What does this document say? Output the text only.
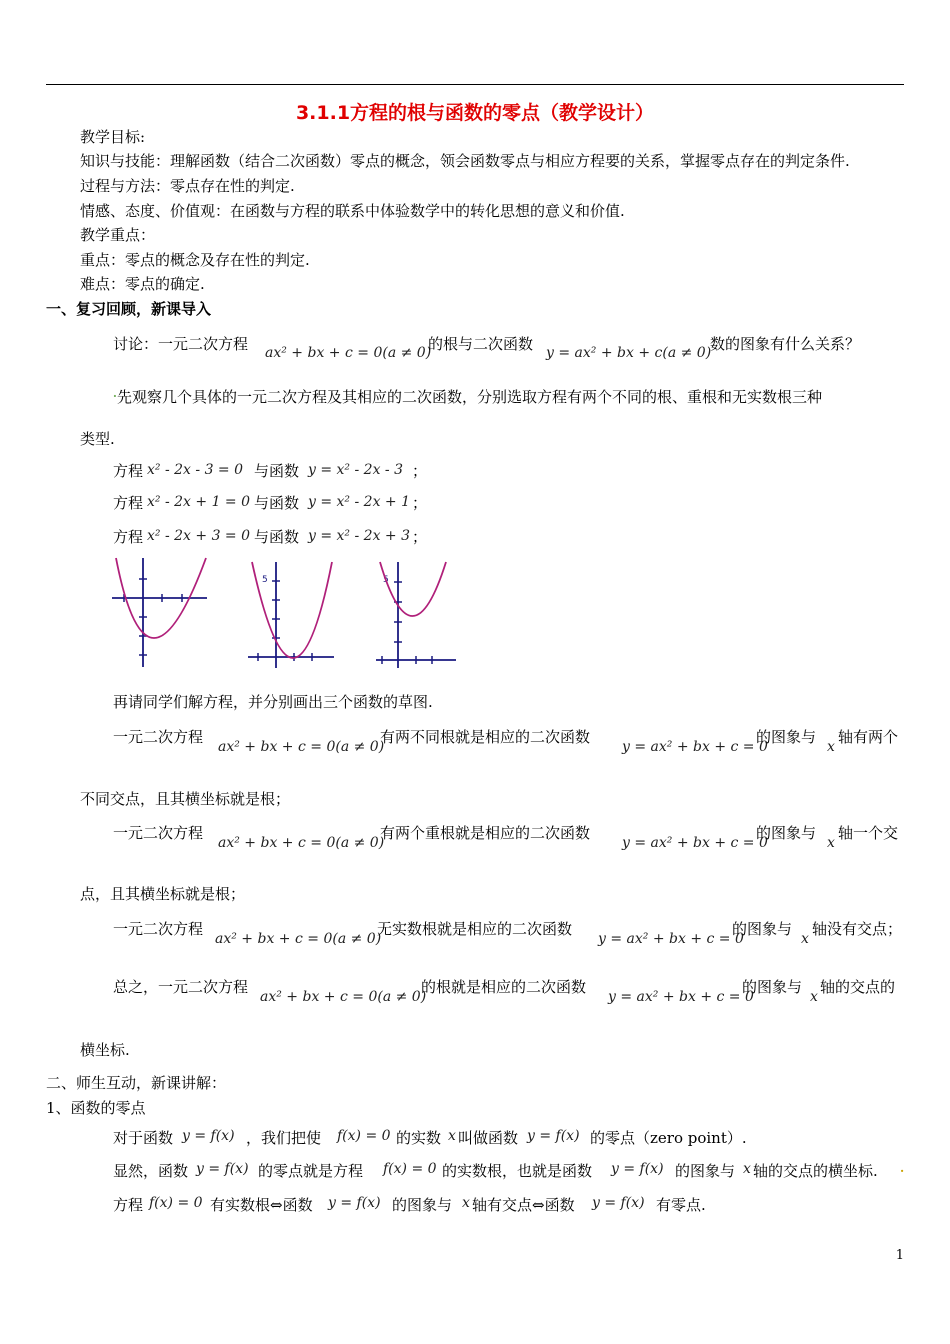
3.1.1方程的根与函数的零点（教学设计）
教学目标:
知识与技能：理解函数（结合二次函数）零点的概念，领会函数零点与相应方程要的关系，掌握零点存在的判定条件.
过程与方法：零点存在性的判定.
情感、态度、价值观：在函数与方程的联系中体验数学中的转化思想的意义和价值.
教学重点：
重点：零点的概念及存在性的判定.
难点：零点的确定.
一、复习回顾，新课导入
讨论：一元二次方程 ax² + bx + c = 0(a ≠ 0)
的根与二次函数 y = ax² + bx + c(a ≠ 0)
数的图象有什么关系？
. 先观察几个具体的一元二次方程及其相应的二次函数，分别选取方程有两个不同的根、重根和无实数根三种
类型.
方程 x² - 2x - 3 = 0 与函数 y = x² - 2x - 3 ；
方程 x² - 2x + 1 = 0 与函数 y = x² - 2x + 1 ；
方程 x² - 2x + 3 = 0 与函数 y = x² - 2x + 3 ；
5	5
再请同学们解方程，并分别画出三个函数的草图.
一元二次方程
ax² + bx + c = 0(a ≠ 0)
有两不同根就是相应的二次函数
y = ax² + bx + c = 0
的图象与
x
轴有两个
不同交点，且其横坐标就是根；
一元二次方程
ax² + bx + c = 0(a ≠ 0)
有两个重根就是相应的二次函数
y = ax² + bx + c = 0
的图象与
x
轴一个交
点，且其横坐标就是根；
一元二次方程
ax² + bx + c = 0(a ≠ 0)
无实数根就是相应的二次函数
y = ax² + bx + c = 0
的图象与
x
轴没有交点；
总之，一元二次方程
ax² + bx + c = 0(a ≠ 0)
的根就是相应的二次函数
y = ax² + bx + c = 0
的图象与
x
轴的交点的
横坐标.
二、师生互动，新课讲解：
1、函数的零点
对于函数 y = f(x) ，我们把使 f(x) = 0 的实数 x 叫做函数 y = f(x) 的零点（zero point）.
显然，函数 y = f(x) 的零点就是方程 f(x) = 0 的实数根，也就是函数 y = f(x) 的图象与 x 轴的交点的横坐标. .
方程 f(x) = 0 有实数根⇔函数 y = f(x) 的图象与 x 轴有交点⇔函数 y = f(x) 有零点.
1
